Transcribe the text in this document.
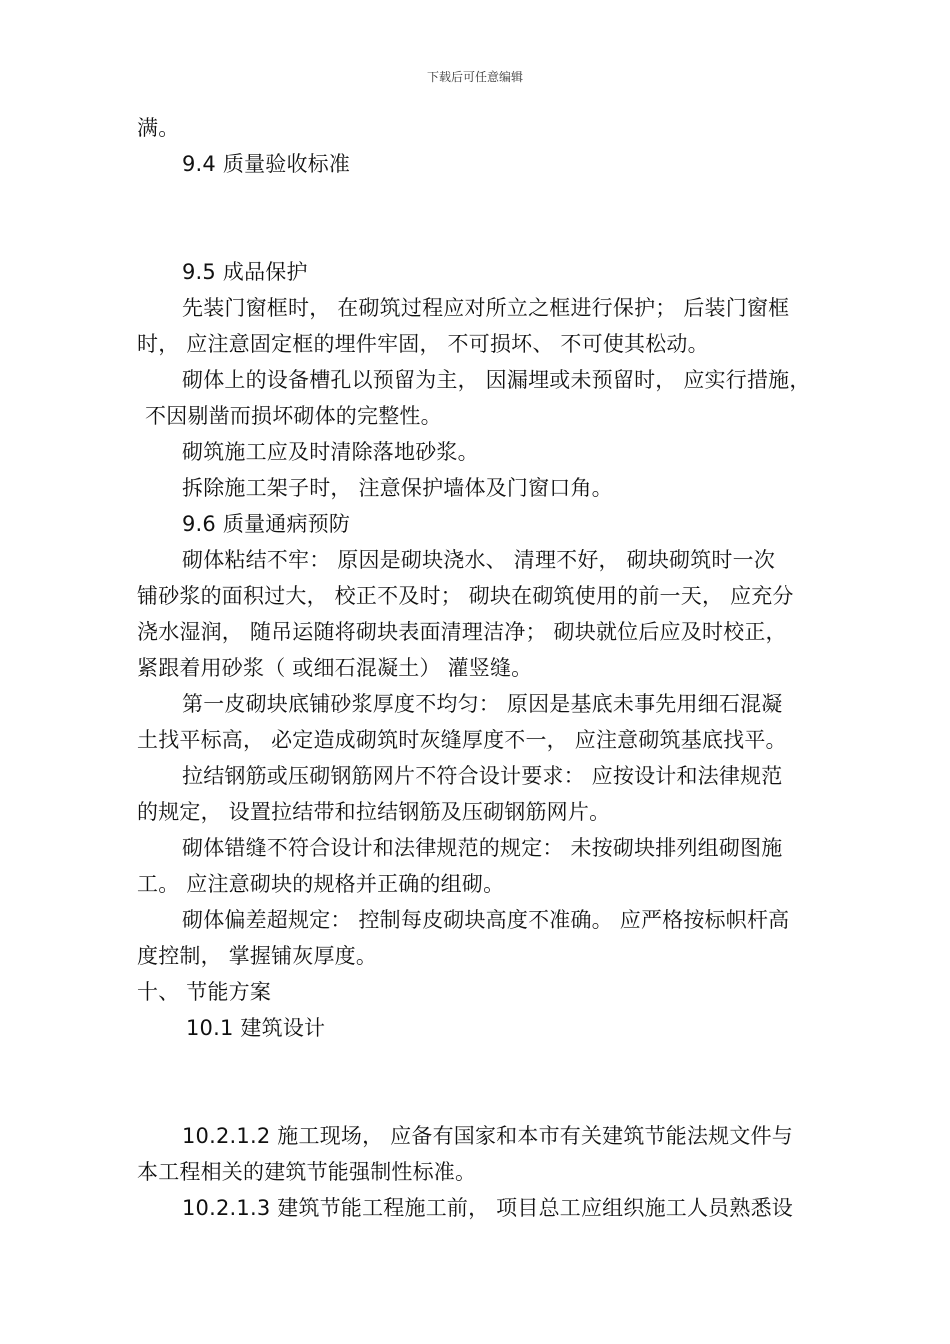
下载后可任意编辑
满。
9.4 质量验收标准
9.5 成品保护
先装门窗框时， 在砌筑过程应对所立之框进行保护； 后装门窗框
时， 应注意固定框的埋件牢固， 不可损坏、 不可使其松动。
砌体上的设备槽孔以预留为主， 因漏埋或未预留时， 应实行措施，
不因剔凿而损坏砌体的完整性。
砌筑施工应及时清除落地砂浆。
拆除施工架子时， 注意保护墙体及门窗口角。
9.6 质量通病预防
砌体粘结不牢： 原因是砌块浇水、 清理不好， 砌块砌筑时一次
铺砂浆的面积过大， 校正不及时； 砌块在砌筑使用的前一天， 应充分
浇水湿润， 随吊运随将砌块表面清理洁净； 砌块就位后应及时校正，
紧跟着用砂浆（ 或细石混凝土） 灌竖缝。
第一皮砌块底铺砂浆厚度不均匀： 原因是基底未事先用细石混凝
土找平标高， 必定造成砌筑时灰缝厚度不一， 应注意砌筑基底找平。
拉结钢筋或压砌钢筋网片不符合设计要求： 应按设计和法律规范
的规定， 设置拉结带和拉结钢筋及压砌钢筋网片。
砌体错缝不符合设计和法律规范的规定： 未按砌块排列组砌图施
工。 应注意砌块的规格并正确的组砌。
砌体偏差超规定： 控制每皮砌块高度不准确。 应严格按标帜杆高
度控制， 掌握铺灰厚度。
十、 节能方案
10.1 建筑设计
10.2.1.2 施工现场， 应备有国家和本市有关建筑节能法规文件与
本工程相关的建筑节能强制性标准。
10.2.1.3 建筑节能工程施工前， 项目总工应组织施工人员熟悉设
